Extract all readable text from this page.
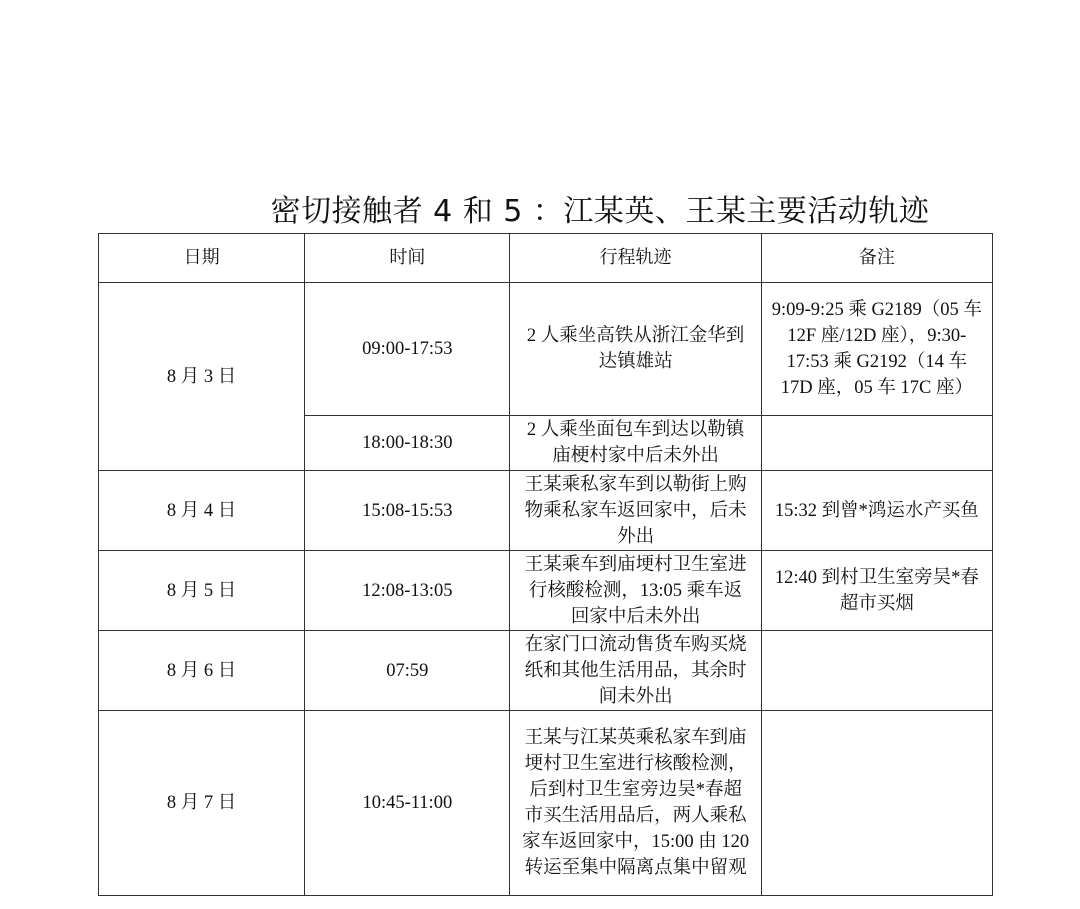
密切接触者 4 和 5 ：江某英、王某主要活动轨迹
日期	时间	行程轨迹	备注
8 月 3 日	09:00-17:53	2 人乘坐高铁从浙江金华到达镇雄站	9:09-9:25 乘 G2189（05 车 12F 座/12D 座），9:30-17:53 乘 G2192（14 车 17D 座，05 车 17C 座）
	18:00-18:30	2 人乘坐面包车到达以勒镇庙梗村家中后未外出	
8 月 4 日	15:08-15:53	王某乘私家车到以勒街上购物乘私家车返回家中，后未外出	15:32 到曾*鸿运水产买鱼
8 月 5 日	12:08-13:05	王某乘车到庙埂村卫生室进行核酸检测，13:05 乘车返回家中后未外出	12:40 到村卫生室旁吴*春超市买烟
8 月 6 日	07:59	在家门口流动售货车购买烧纸和其他生活用品，其余时间未外出	
8 月 7 日	10:45-11:00	王某与江某英乘私家车到庙埂村卫生室进行核酸检测，后到村卫生室旁边吴*春超市买生活用品后，两人乘私家车返回家中，15:00 由 120 转运至集中隔离点集中留观	
